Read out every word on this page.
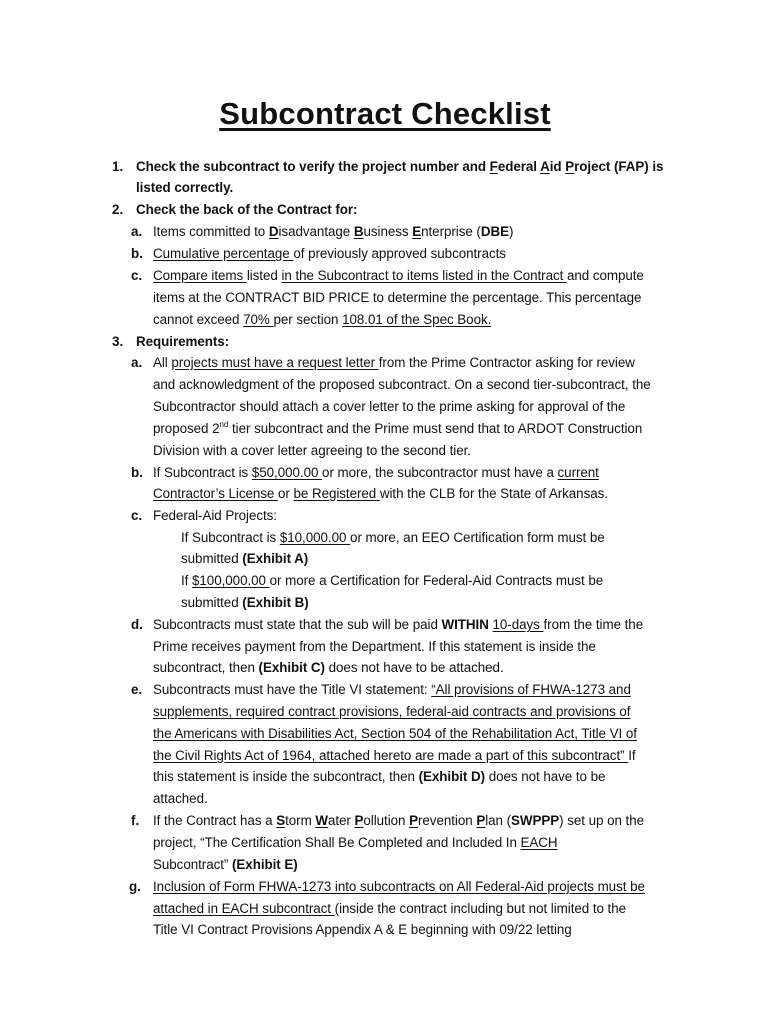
Subcontract Checklist
1. Check the subcontract to verify the project number and Federal Aid Project (FAP) is
listed correctly.
2. Check the back of the Contract for:
a. Items committed to Disadvantage Business Enterprise (DBE)
b. Cumulative percentage of previously approved subcontracts
c. Compare items listed in the Subcontract to items listed in the Contract and compute
items at the CONTRACT BID PRICE to determine the percentage. This percentage
cannot exceed 70% per section 108.01 of the Spec Book.
3. Requirements:
a. All projects must have a request letter from the Prime Contractor asking for review
and acknowledgment of the proposed subcontract. On a second tier-subcontract, the
Subcontractor should attach a cover letter to the prime asking for approval of the
proposed 2nd tier subcontract and the Prime must send that to ARDOT Construction
Division with a cover letter agreeing to the second tier.
b. If Subcontract is $50,000.00 or more, the subcontractor must have a current
Contractor’s License or be Registered with the CLB for the State of Arkansas.
c. Federal-Aid Projects:
If Subcontract is $10,000.00 or more, an EEO Certification form must be
submitted (Exhibit A)
If $100,000.00 or more a Certification for Federal-Aid Contracts must be
submitted (Exhibit B)
d. Subcontracts must state that the sub will be paid WITHIN 10-days from the time the
Prime receives payment from the Department. If this statement is inside the
subcontract, then (Exhibit C) does not have to be attached.
e. Subcontracts must have the Title VI statement: “All provisions of FHWA-1273 and
supplements, required contract provisions, federal-aid contracts and provisions of
the Americans with Disabilities Act, Section 504 of the Rehabilitation Act, Title VI of
the Civil Rights Act of 1964, attached hereto are made a part of this subcontract” If
this statement is inside the subcontract, then (Exhibit D) does not have to be
attached.
f. If the Contract has a Storm Water Pollution Prevention Plan (SWPPP) set up on the
project, “The Certification Shall Be Completed and Included In EACH
Subcontract” (Exhibit E)
g. Inclusion of Form FHWA-1273 into subcontracts on All Federal-Aid projects must be
attached in EACH subcontract (inside the contract including but not limited to the
Title VI Contract Provisions Appendix A & E beginning with 09/22 letting
